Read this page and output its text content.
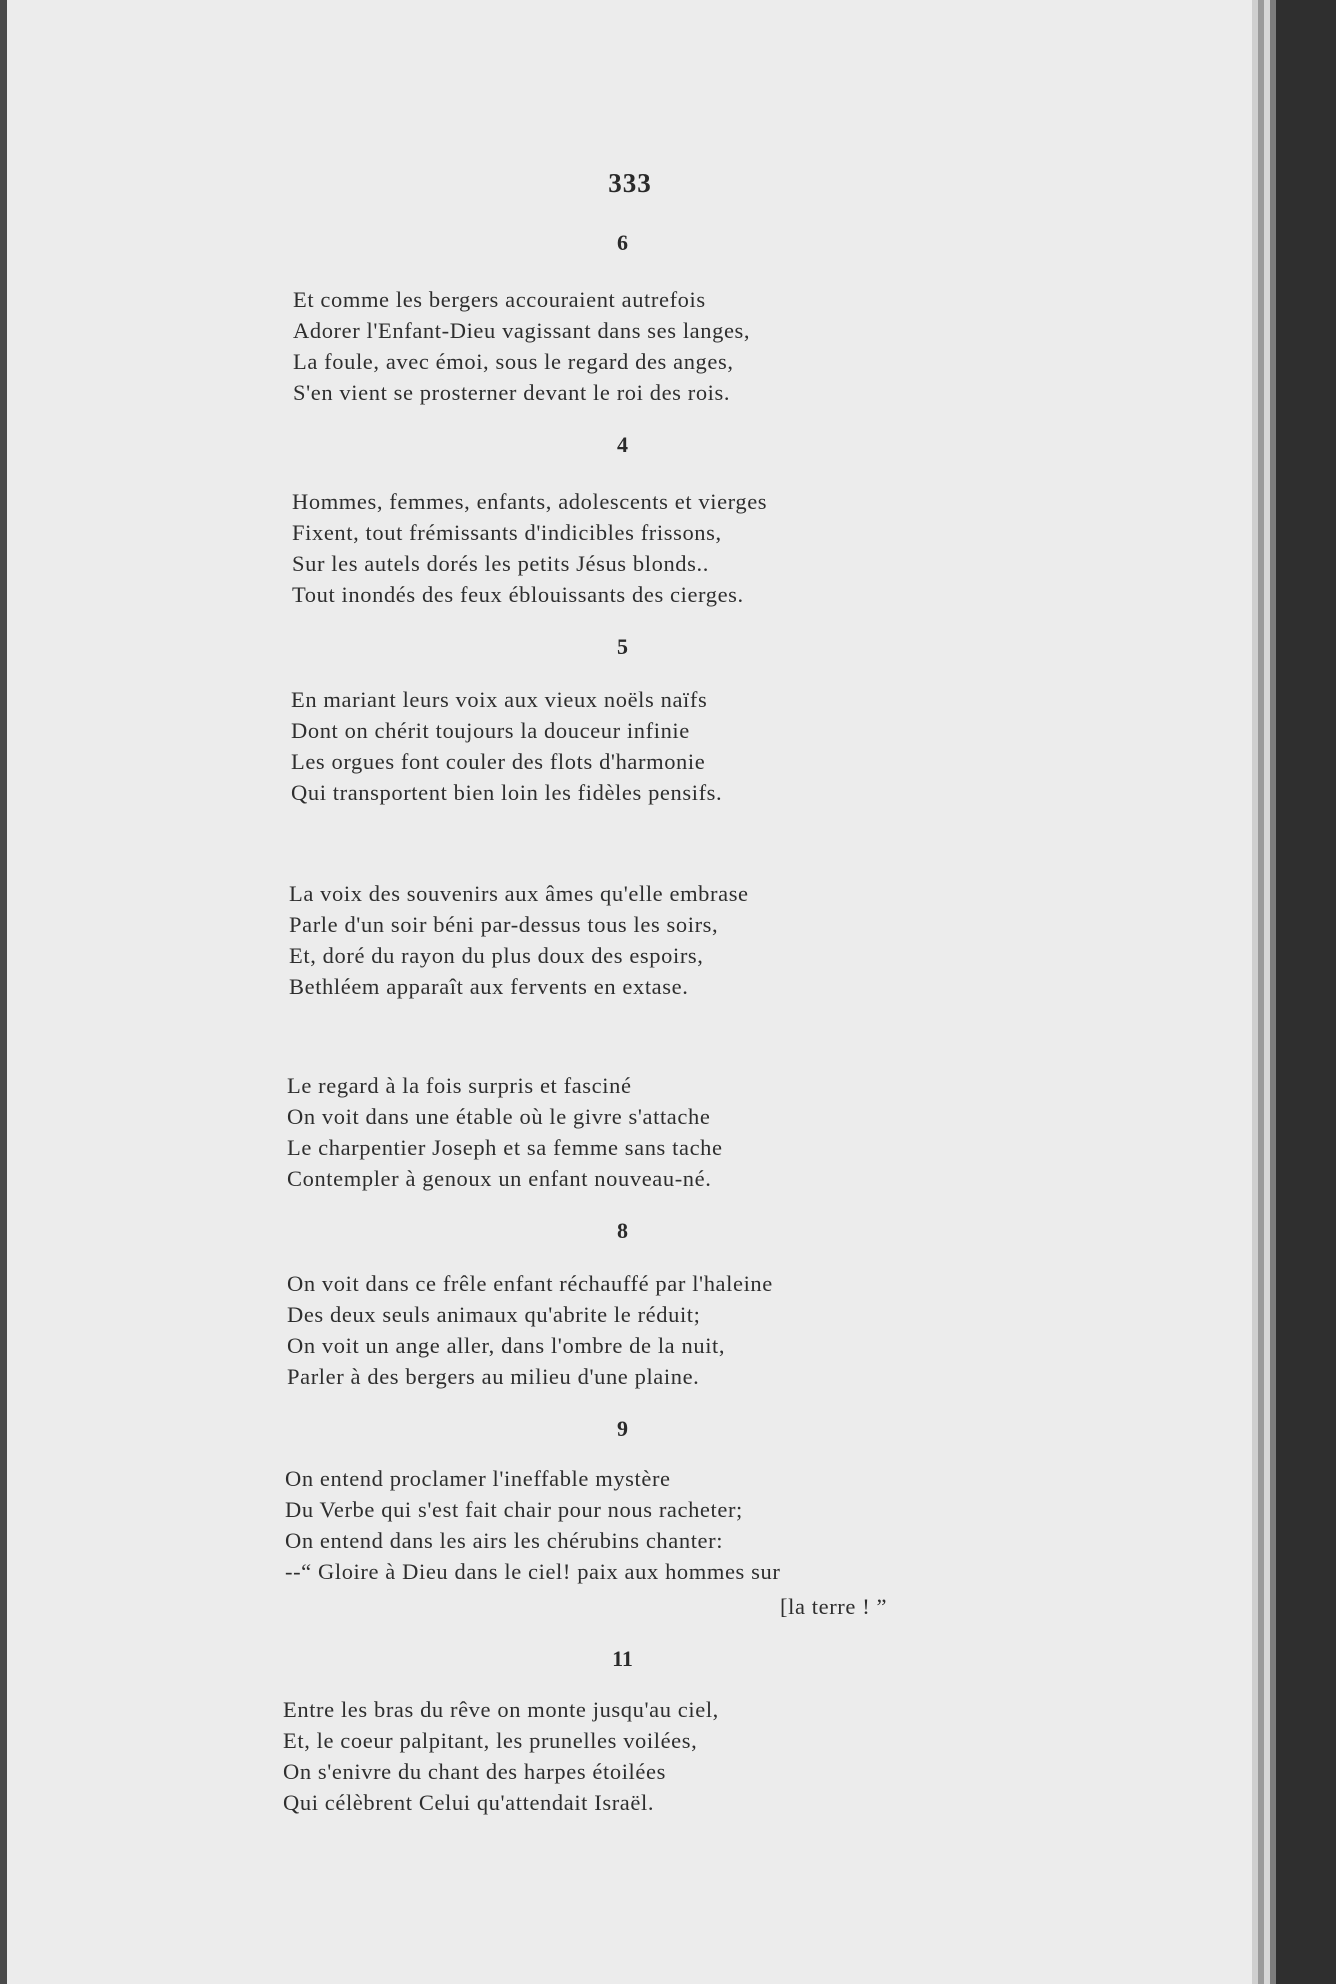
333
6
Et comme les bergers accouraient autrefois
Adorer l'Enfant-Dieu vagissant dans ses langes,
La foule, avec émoi, sous le regard des anges,
S'en vient se prosterner devant le roi des rois.
4
Hommes, femmes, enfants, adolescents et vierges
Fixent, tout frémissants d'indicibles frissons,
Sur les autels dorés les petits Jésus blonds..
Tout inondés des feux éblouissants des cierges.
5
En mariant leurs voix aux vieux noëls naïfs
Dont on chérit toujours la douceur infinie
Les orgues font couler des flots d'harmonie
Qui transportent bien loin les fidèles pensifs.
La voix des souvenirs aux âmes qu'elle embrase
Parle d'un soir béni par-dessus tous les soirs,
Et, doré du rayon du plus doux des espoirs,
Bethléem apparaît aux fervents en extase.
Le regard à la fois surpris et fasciné
On voit dans une étable où le givre s'attache
Le charpentier Joseph et sa femme sans tache
Contempler à genoux un enfant nouveau-né.
8
On voit dans ce frêle enfant réchauffé par l'haleine
Des deux seuls animaux qu'abrite le réduit;
On voit un ange aller, dans l'ombre de la nuit,
Parler à des bergers au milieu d'une plaine.
9
On entend proclamer l'ineffable mystère
Du Verbe qui s'est fait chair pour nous racheter;
On entend dans les airs les chérubins chanter:
--“ Gloire à Dieu dans le ciel! paix aux hommes sur
[la terre ! ”
11
Entre les bras du rêve on monte jusqu'au ciel,
Et, le coeur palpitant, les prunelles voilées,
On s'enivre du chant des harpes étoilées
Qui célèbrent Celui qu'attendait Israël.
